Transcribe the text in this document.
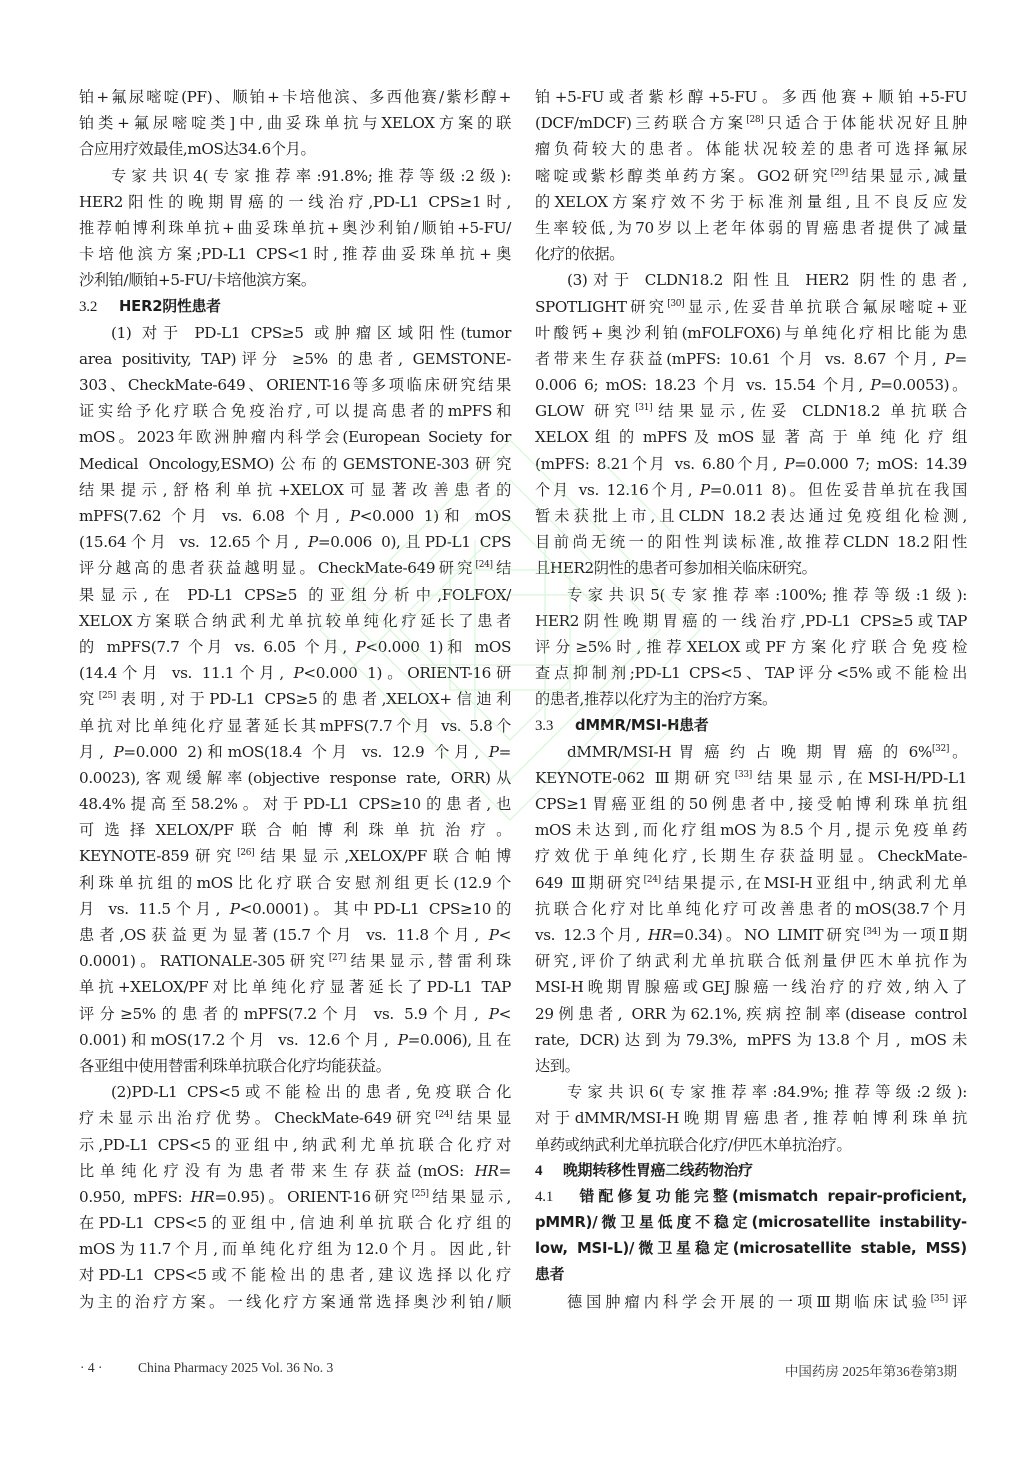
铂+氟尿嘧啶(PF)、顺铂+卡培他滨、多西他赛/紫杉醇+
铂类+氟尿嘧啶类]中,曲妥珠单抗与XELOX方案的联
合应用疗效最佳,mOS达34.6个月。
专家共识4(专家推荐率:91.8%;推荐等级:2级):
HER2阳性的晚期胃癌的一线治疗,PD-L1 CPS≥1时,
推荐帕博利珠单抗+曲妥珠单抗+奥沙利铂/顺铂+5-FU/
卡培他滨方案;PD-L1 CPS<1时,推荐曲妥珠单抗+奥
沙利铂/顺铂+5-FU/卡培他滨方案。
3.2 HER2阴性患者
(1) 对于 PD-L1 CPS≥5 或肿瘤区域阳性(tumor
area positivity, TAP)评分 ≥5% 的患者, GEMSTONE-
303、CheckMate-649、ORIENT-16等多项临床研究结果
证实给予化疗联合免疫治疗,可以提高患者的mPFS和
mOS。2023年欧洲肿瘤内科学会(European Society for
Medical Oncology,ESMO)公布的GEMSTONE-303研究
结果提示,舒格利单抗+XELOX可显著改善患者的
mPFS(7.62 个月 vs. 6.08 个月, P<0.000 1)和 mOS
(15.64个月 vs. 12.65个月, P=0.006 0),且PD-L1 CPS
评分越高的患者获益越明显。CheckMate-649研究[24]结
果显示,在 PD-L1 CPS≥5 的亚组分析中,FOLFOX/
XELOX方案联合纳武利尤单抗较单纯化疗延长了患者
的 mPFS(7.7 个月 vs. 6.05 个月, P<0.000 1)和 mOS
(14.4个月 vs. 11.1个月, P<0.000 1)。ORIENT-16研
究[25]表明,对于PD-L1 CPS≥5的患者,XELOX+信迪利
单抗对比单纯化疗显著延长其mPFS(7.7个月 vs. 5.8个
月, P=0.000 2)和mOS(18.4 个月 vs. 12.9 个月, P=
0.0023),客观缓解率(objective response rate, ORR)从
48.4%提高至58.2%。对于PD-L1 CPS≥10的患者,也
可 选 择 XELOX/PF 联 合 帕 博 利 珠 单 抗 治 疗 。
KEYNOTE-859研究[26]结果显示,XELOX/PF联合帕博
利珠单抗组的mOS比化疗联合安慰剂组更长(12.9个
月 vs. 11.5个月, P<0.0001)。其中PD-L1 CPS≥10的
患者,OS获益更为显著(15.7个月 vs. 11.8个月, P<
0.0001)。RATIONALE-305研究[27]结果显示,替雷利珠
单抗+XELOX/PF对比单纯化疗显著延长了PD-L1 TAP
评分≥5%的患者的mPFS(7.2个月 vs. 5.9个月, P<
0.001)和mOS(17.2个月 vs. 12.6个月, P=0.006),且在
各亚组中使用替雷利珠单抗联合化疗均能获益。
(2)PD-L1 CPS<5或不能检出的患者,免疫联合化
疗未显示出治疗优势。CheckMate-649研究[24]结果显
示,PD-L1 CPS<5的亚组中,纳武利尤单抗联合化疗对
比单纯化疗没有为患者带来生存获益(mOS: HR=
0.950, mPFS: HR=0.95)。ORIENT-16研究[25]结果显示,
在PD-L1 CPS<5的亚组中,信迪利单抗联合化疗组的
mOS为11.7个月,而单纯化疗组为12.0个月。因此,针
对PD-L1 CPS<5或不能检出的患者,建议选择以化疗
为主的治疗方案。一线化疗方案通常选择奥沙利铂/顺
铂+5-FU或者紫杉醇+5-FU。多西他赛+顺铂+5-FU
(DCF/mDCF)三药联合方案[28]只适合于体能状况好且肿
瘤负荷较大的患者。体能状况较差的患者可选择氟尿
嘧啶或紫杉醇类单药方案。GO2研究[29]结果显示,减量
的XELOX方案疗效不劣于标准剂量组,且不良反应发
生率较低,为70岁以上老年体弱的胃癌患者提供了减量
化疗的依据。
(3)对于 CLDN18.2 阳性且 HER2 阴性的患者,
SPOTLIGHT研究[30]显示,佐妥昔单抗联合氟尿嘧啶+亚
叶酸钙+奥沙利铂(mFOLFOX6)与单纯化疗相比能为患
者带来生存获益(mPFS: 10.61 个月 vs. 8.67 个月, P=
0.006 6; mOS: 18.23 个月 vs. 15.54 个月, P=0.0053)。
GLOW 研究[31]结果显示,佐妥 CLDN18.2 单抗联合
XELOX 组 的 mPFS 及 mOS 显 著 高 于 单 纯 化 疗 组
(mPFS: 8.21个月 vs. 6.80个月, P=0.000 7; mOS: 14.39
个月 vs. 12.16个月, P=0.011 8)。但佐妥昔单抗在我国
暂未获批上市,且CLDN 18.2表达通过免疫组化检测,
目前尚无统一的阳性判读标准,故推荐CLDN 18.2阳性
且HER2阴性的患者可参加相关临床研究。
专家共识5(专家推荐率:100%;推荐等级:1级):
HER2阴性晚期胃癌的一线治疗,PD-L1 CPS≥5或TAP
评分≥5%时,推荐XELOX或PF方案化疗联合免疫检
查点抑制剂;PD-L1 CPS<5、TAP评分<5%或不能检出
的患者,推荐以化疗为主的治疗方案。
3.3 dMMR/MSI-H患者
dMMR/MSI-H 胃 癌 约 占 晚 期 胃 癌 的 6%[32]。
KEYNOTE-062 Ⅲ期研究[33]结果显示,在MSI-H/PD-L1
CPS≥1胃癌亚组的50例患者中,接受帕博利珠单抗组
mOS未达到,而化疗组mOS为8.5个月,提示免疫单药
疗效优于单纯化疗,长期生存获益明显。CheckMate-
649 Ⅲ期研究[24]结果提示,在MSI-H亚组中,纳武利尤单
抗联合化疗对比单纯化疗可改善患者的mOS(38.7个月
vs. 12.3个月, HR=0.34)。NO LIMIT研究[34]为一项Ⅱ期
研究,评价了纳武利尤单抗联合低剂量伊匹木单抗作为
MSI-H晚期胃腺癌或GEJ腺癌一线治疗的疗效,纳入了
29例患者, ORR为62.1%,疾病控制率(disease control
rate, DCR)达到为79.3%, mPFS为13.8个月, mOS未
达到。
专家共识6(专家推荐率:84.9%;推荐等级:2级):
对于dMMR/MSI-H晚期胃癌患者,推荐帕博利珠单抗
单药或纳武利尤单抗联合化疗/伊匹木单抗治疗。
4 晚期转移性胃癌二线药物治疗
4.1 错配修复功能完整(mismatch repair-proficient,
pMMR)/微卫星低度不稳定(microsatellite instability-
low, MSI-L)/微卫星稳定(microsatellite stable, MSS)
患者
德国肿瘤内科学会开展的一项Ⅲ期临床试验[35]评
· 4 ·	China Pharmacy 2025 Vol. 36 No. 3	中国药房 2025年第36卷第3期
